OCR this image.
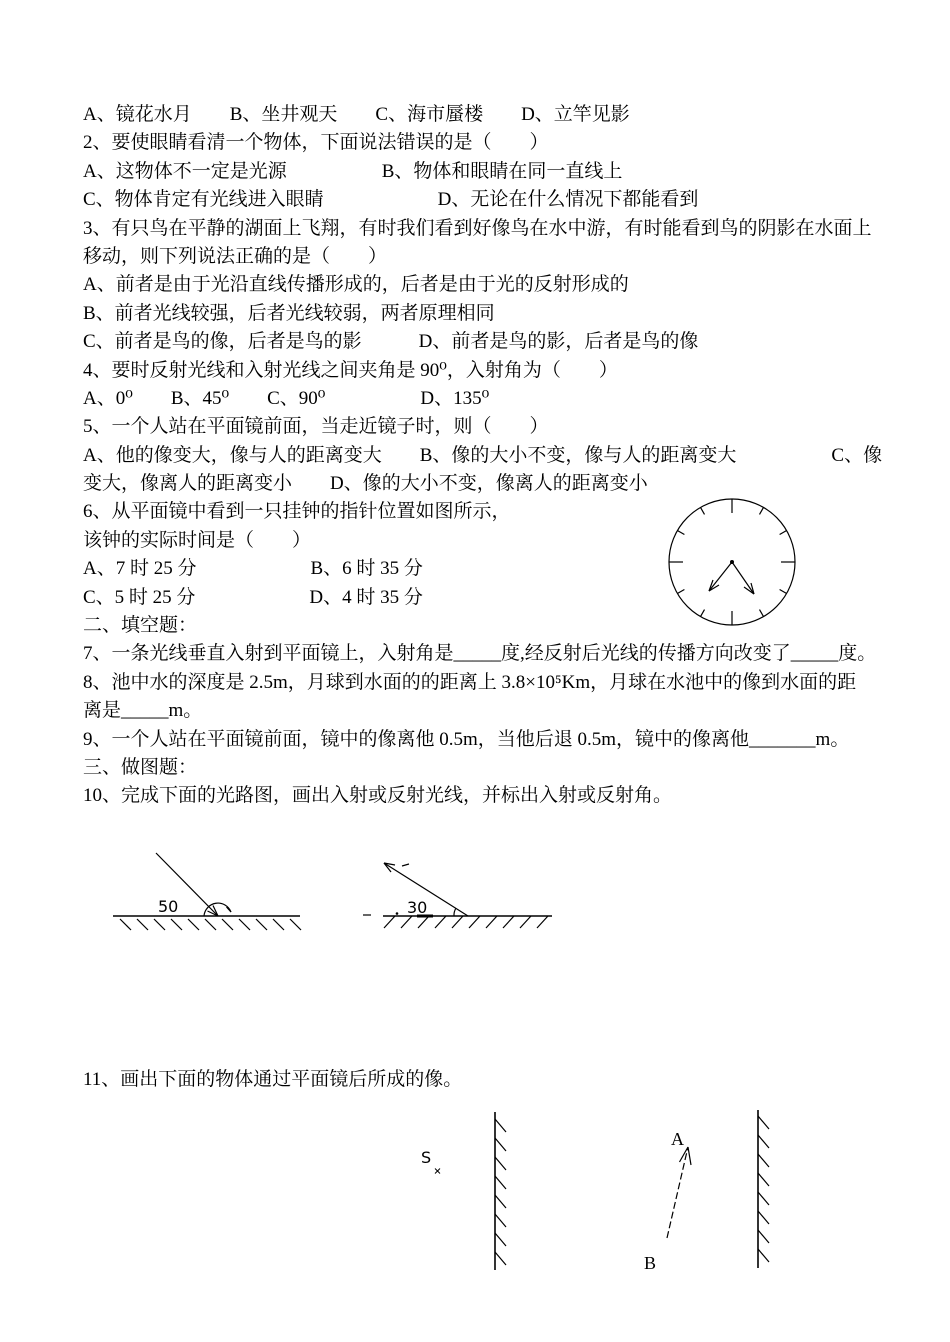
A、镜花水月　　B、坐井观天　　C、海市蜃楼　　D、立竿见影
2、要使眼睛看清一个物体，下面说法错误的是（　　）
A、这物体不一定是光源　　　　　B、物体和眼睛在同一直线上
C、物体肯定有光线进入眼睛　　　　　　D、无论在什么情况下都能看到
3、有只鸟在平静的湖面上飞翔，有时我们看到好像鸟在水中游，有时能看到鸟的阴影在水面上
移动，则下列说法正确的是（　　）
A、前者是由于光沿直线传播形成的，后者是由于光的反射形成的
B、前者光线较强，后者光线较弱，两者原理相同
C、前者是鸟的像，后者是鸟的影　　　D、前者是鸟的影，后者是鸟的像
4、要时反射光线和入射光线之间夹角是 90⁰，入射角为（　　）
A、0⁰　　B、45⁰　　C、90⁰　　　　　D、135⁰
5、一个人站在平面镜前面，当走近镜子时，则（　　）
A、他的像变大，像与人的距离变大　　B、像的大小不变，像与人的距离变大　　　　　C、像
变大，像离人的距离变小　　D、像的大小不变，像离人的距离变小
6、从平面镜中看到一只挂钟的指针位置如图所示，
该钟的实际时间是（　　）
A、7 时 25 分　　　　　　B、6 时 35 分
C、5 时 25 分　　　　　　D、4 时 35 分
二、填空题：
7、一条光线垂直入射到平面镜上，入射角是_____度,经反射后光线的传播方向改变了_____度。
8、池中水的深度是 2.5m，月球到水面的的距离上 3.8×10⁵Km，月球在水池中的像到水面的距
离是_____m。
9、一个人站在平面镜前面，镜中的像离他 0.5m，当他后退 0.5m，镜中的像离他_______m。
三、做图题：
10、完成下面的光路图，画出入射或反射光线，并标出入射或反射角。
11、画出下面的物体通过平面镜后所成的像。
50	30
S
A
B
